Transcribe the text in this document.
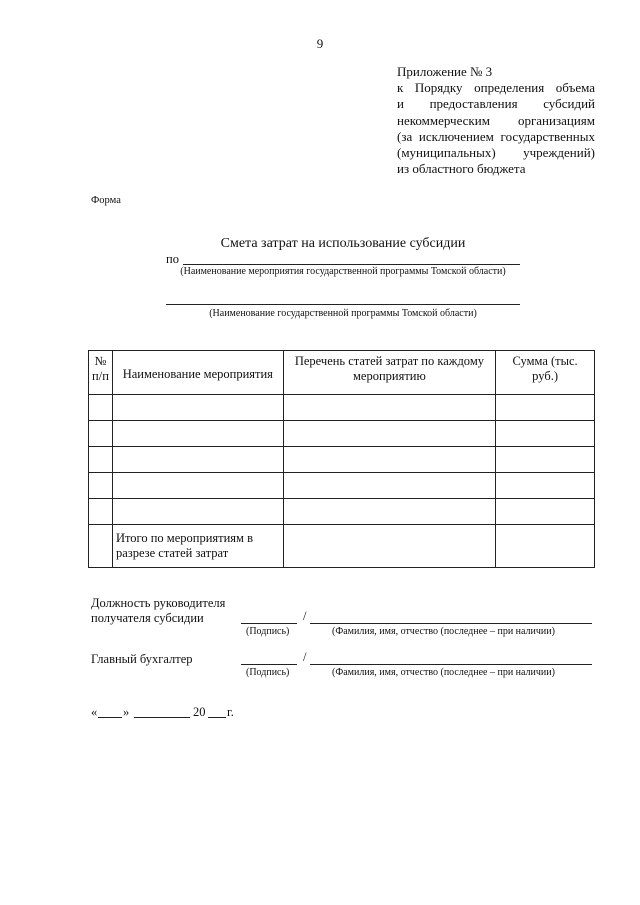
9
Приложение № 3
к Порядку определения объема
и предоставления субсидий
некоммерческим организациям
(за исключением государственных
(муниципальных) учреждений)
из областного бюджета
Форма
Смета затрат на использование субсидии
по
(Наименование мероприятия государственной программы Томской области)
(Наименование государственной программы Томской области)
№ п/п	Наименование мероприятия	Перечень статей затрат по каждому мероприятию	Сумма (тыс. руб.)

	Итого по мероприятиям в разрезе статей затрат		
Должность руководителя получателя субсидии	/
(Подпись)	(Фамилия, имя, отчество (последнее – при наличии)
Главный бухгалтер	/
(Подпись)	(Фамилия, имя, отчество (последнее – при наличии)
« »	20 г.
